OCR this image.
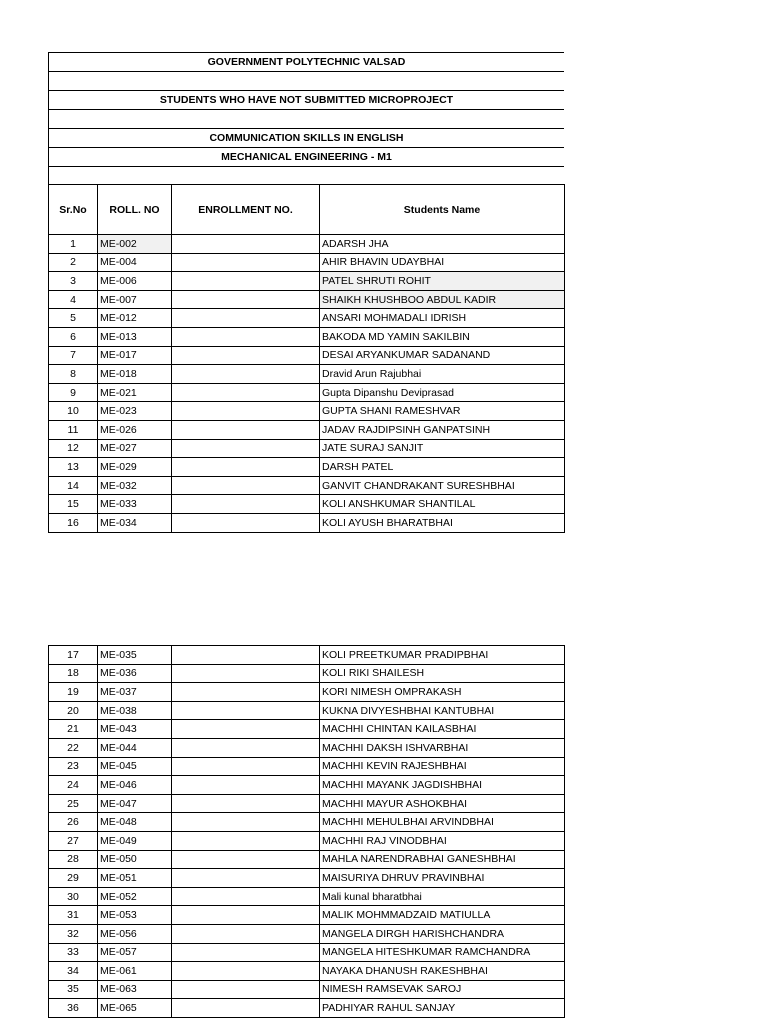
GOVERNMENT POLYTECHNIC VALSAD
STUDENTS WHO HAVE NOT SUBMITTED MICROPROJECT
COMMUNICATION SKILLS IN ENGLISH
MECHANICAL ENGINEERING - M1
Sr.No	ROLL. NO	ENROLLMENT NO.	Students Name
1	ME-002		ADARSH JHA
2	ME-004		AHIR BHAVIN UDAYBHAI
3	ME-006		PATEL SHRUTI ROHIT
4	ME-007		SHAIKH KHUSHBOO ABDUL KADIR
5	ME-012		ANSARI MOHMADALI IDRISH
6	ME-013		BAKODA MD YAMIN SAKILBIN
7	ME-017		DESAI ARYANKUMAR SADANAND
8	ME-018		Dravid Arun Rajubhai
9	ME-021		Gupta Dipanshu Deviprasad
10	ME-023		GUPTA SHANI RAMESHVAR
11	ME-026		JADAV RAJDIPSINH GANPATSINH
12	ME-027		JATE SURAJ SANJIT
13	ME-029		DARSH PATEL
14	ME-032		GANVIT CHANDRAKANT SURESHBHAI
15	ME-033		KOLI ANSHKUMAR SHANTILAL
16	ME-034		KOLI AYUSH BHARATBHAI
17	ME-035		KOLI PREETKUMAR PRADIPBHAI
18	ME-036		KOLI RIKI SHAILESH
19	ME-037		KORI NIMESH OMPRAKASH
20	ME-038		KUKNA DIVYESHBHAI KANTUBHAI
21	ME-043		MACHHI CHINTAN KAILASBHAI
22	ME-044		MACHHI DAKSH ISHVARBHAI
23	ME-045		MACHHI KEVIN RAJESHBHAI
24	ME-046		MACHHI MAYANK JAGDISHBHAI
25	ME-047		MACHHI MAYUR ASHOKBHAI
26	ME-048		MACHHI MEHULBHAI ARVINDBHAI
27	ME-049		MACHHI RAJ VINODBHAI
28	ME-050		MAHLA NARENDRABHAI GANESHBHAI
29	ME-051		MAISURIYA DHRUV PRAVINBHAI
30	ME-052		Mali kunal bharatbhai
31	ME-053		MALIK MOHMMADZAID MATIULLA
32	ME-056		MANGELA DIRGH HARISHCHANDRA
33	ME-057		MANGELA HITESHKUMAR RAMCHANDRA
34	ME-061		NAYAKA DHANUSH RAKESHBHAI
35	ME-063		NIMESH RAMSEVAK SAROJ
36	ME-065		PADHIYAR RAHUL SANJAY
